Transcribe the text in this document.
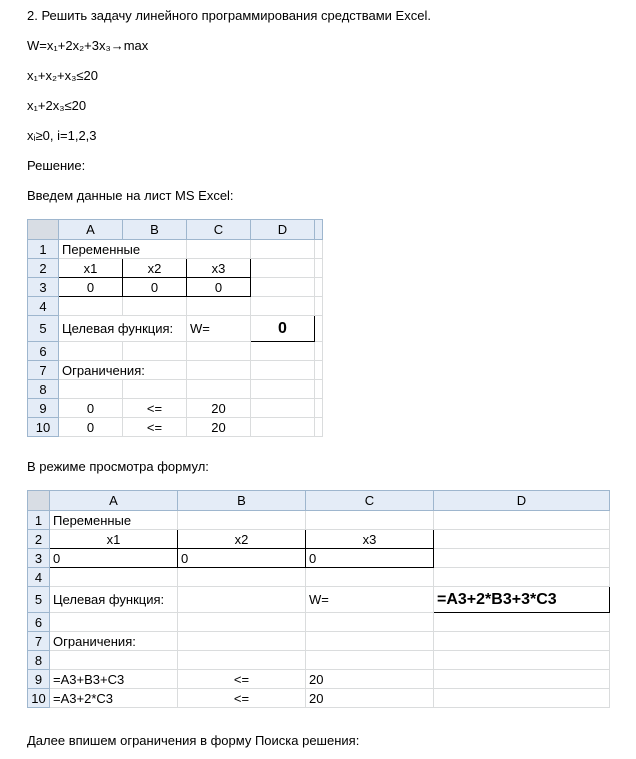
2. Решить задачу линейного программирования средствами Excel.
W=x₁+2x₂+3x₃→max
x₁+x₂+x₃≤20
x₁+2x₃≤20
xᵢ≥0, i=1,2,3
Решение:
Введем данные на лист MS Excel:
	A	B	C	D	
1	Переменные				
2	x1	x2	x3		
3	0	0	0		
4					
5	Целевая функция:		W=	0	
6					
7	Ограничения:				
8					
9	0	<=	20		
10	0	<=	20		
В режиме просмотра формул:
	A	B	C	D
1	Переменные			
2	x1	x2	x3	
3	0	0	0	
4				
5	Целевая функция:		W=	=A3+2*B3+3*C3
6				
7	Ограничения:			
8				
9	=A3+B3+C3	<=	20	
10	=A3+2*C3	<=	20	
Далее впишем ограничения в форму Поиска решения:
